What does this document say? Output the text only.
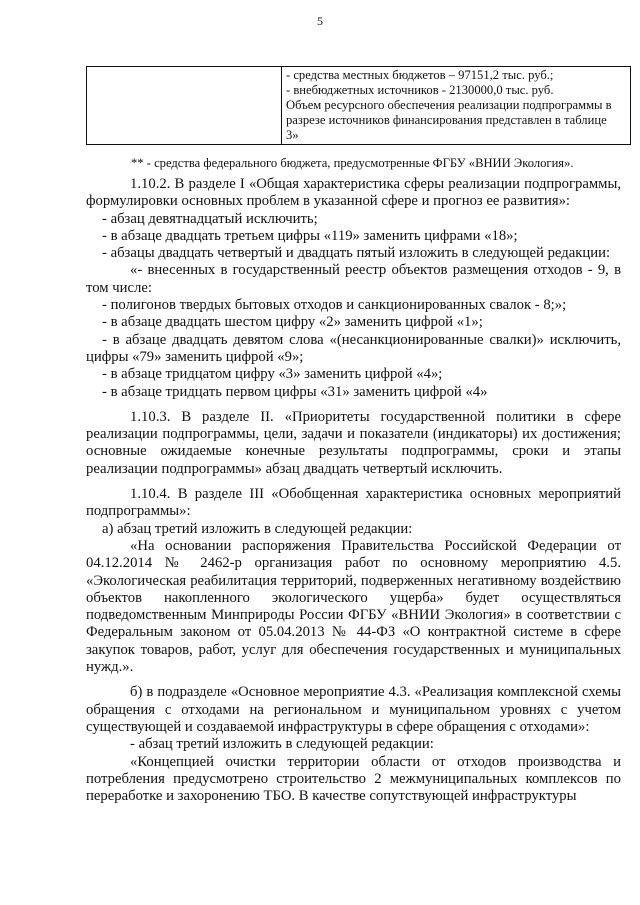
5

- средства местных бюджетов – 97151,2 тыс. руб.;
- внебюджетных источников - 2130000,0 тыс. руб.
Объем ресурсного обеспечения реализации подпрограммы в
разрезе источников финансирования представлен в таблице
3»
** - средства федерального бюджета, предусмотренные ФГБУ «ВНИИ Экология».

1.10.2. В разделе I «Общая характеристика сферы реализации подпрограммы, формулировки основных проблем в указанной сфере и прогноз ее развития»:

- абзац девятнадцатый исключить;

- в абзаце двадцать третьем цифры «119» заменить цифрами «18»;

- абзацы двадцать четвертый и двадцать пятый изложить в следующей редакции:

«- внесенных в государственный реестр объектов размещения отходов - 9, в том числе:

- полигонов твердых бытовых отходов и санкционированных свалок - 8;»;

- в абзаце двадцать шестом цифру «2» заменить цифрой «1»;

- в абзаце двадцать девятом слова «(несанкционированные свалки)» исключить, цифры «79» заменить цифрой «9»;

- в абзаце тридцатом цифру «3» заменить цифрой «4»;

- в абзаце тридцать первом цифры «31» заменить цифрой «4»

1.10.3. В разделе II. «Приоритеты государственной политики в сфере реализации подпрограммы, цели, задачи и показатели (индикаторы) их достижения; основные ожидаемые конечные результаты подпрограммы, сроки и этапы реализации подпрограммы» абзац двадцать четвертый исключить.

1.10.4. В разделе III «Обобщенная характеристика основных мероприятий подпрограммы»:

а) абзац третий изложить в следующей редакции:

«На основании распоряжения Правительства Российской Федерации от 04.12.2014 № 2462-р организация работ по основному мероприятию 4.5. «Экологическая реабилитация территорий, подверженных негативному воздействию объектов накопленного экологического ущерба» будет осуществляться подведомственным Минприроды России ФГБУ «ВНИИ Экология» в соответствии с Федеральным законом от 05.04.2013 № 44-ФЗ «О контрактной системе в сфере закупок товаров, работ, услуг для обеспечения государственных и муниципальных нужд.».

б) в подразделе «Основное мероприятие 4.3. «Реализация комплексной схемы обращения с отходами на региональном и муниципальном уровнях с учетом существующей и создаваемой инфраструктуры в сфере обращения с отходами»:

- абзац третий изложить в следующей редакции:

«Концепцией очистки территории области от отходов производства и потребления предусмотрено строительство 2 межмуниципальных комплексов по переработке и захоронению ТБО. В качестве сопутствующей инфраструктуры
